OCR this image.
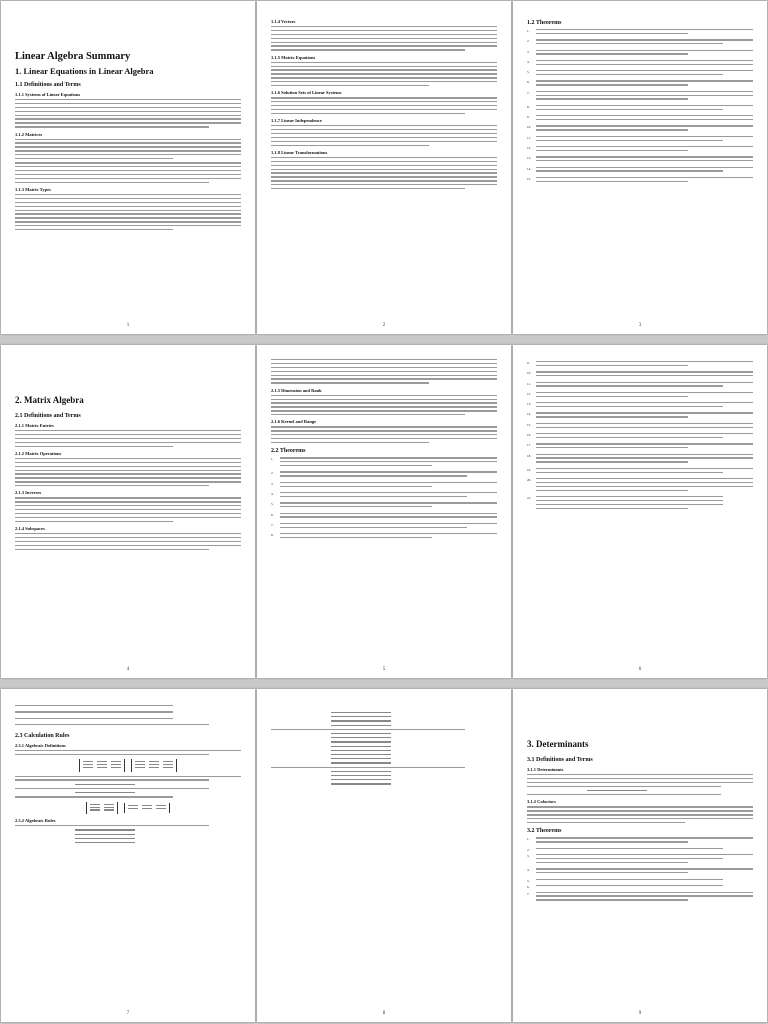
Linear Algebra Summary
1. Linear Equations in Linear Algebra
1.1 Definitions and Terms
1.1.1 Systems of Linear Equations
1.1.2 Matrices
1.1.3 Matrix Types
1
1.1.4 Vectors
1.1.5 Matrix Equations
1.1.6 Solution Sets of Linear Systems
1.1.7 Linear Independence
1.1.8 Linear Transformations
2
1.2 Theorems
1.
2.
3.
4.
5.
6.
7.
8.
9.
10.
11.
12.
13.
14.
15.
3
2. Matrix Algebra
2.1 Definitions and Terms
2.1.1 Matrix Entries
2.1.2 Matrix Operations
2.1.3 Inverses
2.1.4 Subspaces
4
2.1.5 Dimension and Rank
2.1.6 Kernel and Range
2.2 Theorems
1.
2.
3.
4.
5.
6.
7.
8.
5
9.
10.
11.
12.
13.
14.
15.
16.
17.
18.
19.
20.
21.
6
2.3 Calculation Rules
2.3.1 Algebraic Definitions
2.3.2 Algebraic Rules
7	8
3. Determinants
3.1 Definitions and Terms
3.1.1 Determinants
3.1.2 Cofactors
3.2 Theorems
1.
2.
3.
4.
5.
6.
7.
9
